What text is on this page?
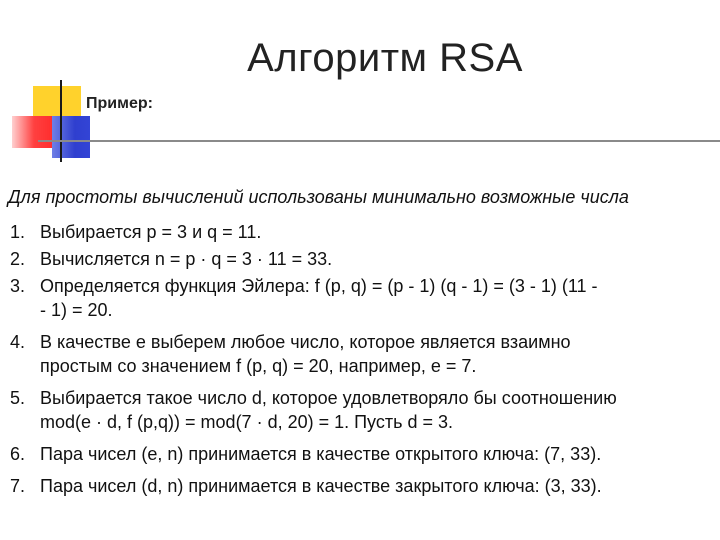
Алгоритм RSA
Пример:
Для простоты вычислений использованы минимально возможные числа
1. Выбирается p = 3 и q = 11.
2. Вычисляется n = p · q = 3 · 11 = 33.
3. Определяется функция Эйлера: f (p, q) = (p - 1) (q - 1) = (3 - 1) (11 -
- 1) = 20.
4. В качестве e выберем любое число, которое является взаимно
простым со значением f (p, q) = 20, например, e = 7.
5. Выбирается такое число d, которое удовлетворяло бы соотношению
mod(e · d, f (p,q)) = mod(7 · d, 20) = 1. Пусть d = 3.
6. Пара чисел (e, n) принимается в качестве открытого ключа: (7, 33).
7. Пара чисел (d, n) принимается в качестве закрытого ключа: (3, 33).
